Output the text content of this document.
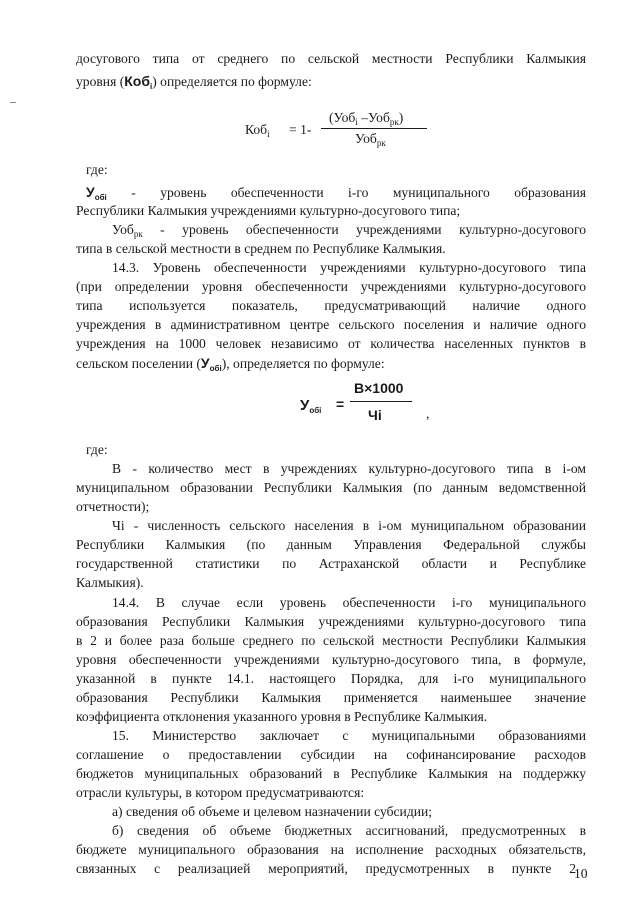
досугового типа от среднего по сельской местности Республики Калмыкия
уровня (Коб$_i$) определяется по формуле:
Коб$_i$ = 1-
(Уоб$_i$ –Уоб$_{рк}$)
Уоб$_{рк}$
где:
$У_{обi}$ - уровень обеспеченности i-го муниципального образования
Республики Калмыкия учреждениями культурно-досугового типа;
Уоб$_{рк}$ - уровень обеспеченности учреждениями культурно-досугового
типа в сельской местности в среднем по Республике Калмыкия.
14.3. Уровень обеспеченности учреждениями культурно-досугового типа
(при определении уровня обеспеченности учреждениями культурно-досугового
типа используется показатель, предусматривающий наличие одного
учреждения в административном центре сельского поселения и наличие одного
учреждения на 1000 человек независимо от количества населенных пунктов в
сельском поселении $(У_{обi})$, определяется по формуле:
$У_{обi}$ =
В×1000
Чi	,
где:
В - количество мест в учреждениях культурно-досугового типа в i-ом
муниципальном образовании Республики Калмыкия (по данным ведомственной
отчетности);
Чi - численность сельского населения в i-ом муниципальном образовании
Республики Калмыкия (по данным Управления Федеральной службы
государственной статистики по Астраханской области и Республике
Калмыкия).
14.4. В случае если уровень обеспеченности i-го муниципального
образования Республики Калмыкия учреждениями культурно-досугового типа
в 2 и более раза больше среднего по сельской местности Республики Калмыкия
уровня обеспеченности учреждениями культурно-досугового типа, в формуле,
указанной в пункте 14.1. настоящего Порядка, для i-го муниципального
образования Республики Калмыкия применяется наименьшее значение
коэффициента отклонения указанного уровня в Республике Калмыкия.
15. Министерство заключает с муниципальными образованиями
соглашение о предоставлении субсидии на софинансирование расходов
бюджетов муниципальных образований в Республике Калмыкия на поддержку
отрасли культуры, в котором предусматриваются:
а) сведения об объеме и целевом назначении субсидии;
б) сведения об объеме бюджетных ассигнований, предусмотренных в
бюджете муниципального образования на исполнение расходных обязательств,
связанных с реализацией мероприятий, предусмотренных в пункте 2
10
